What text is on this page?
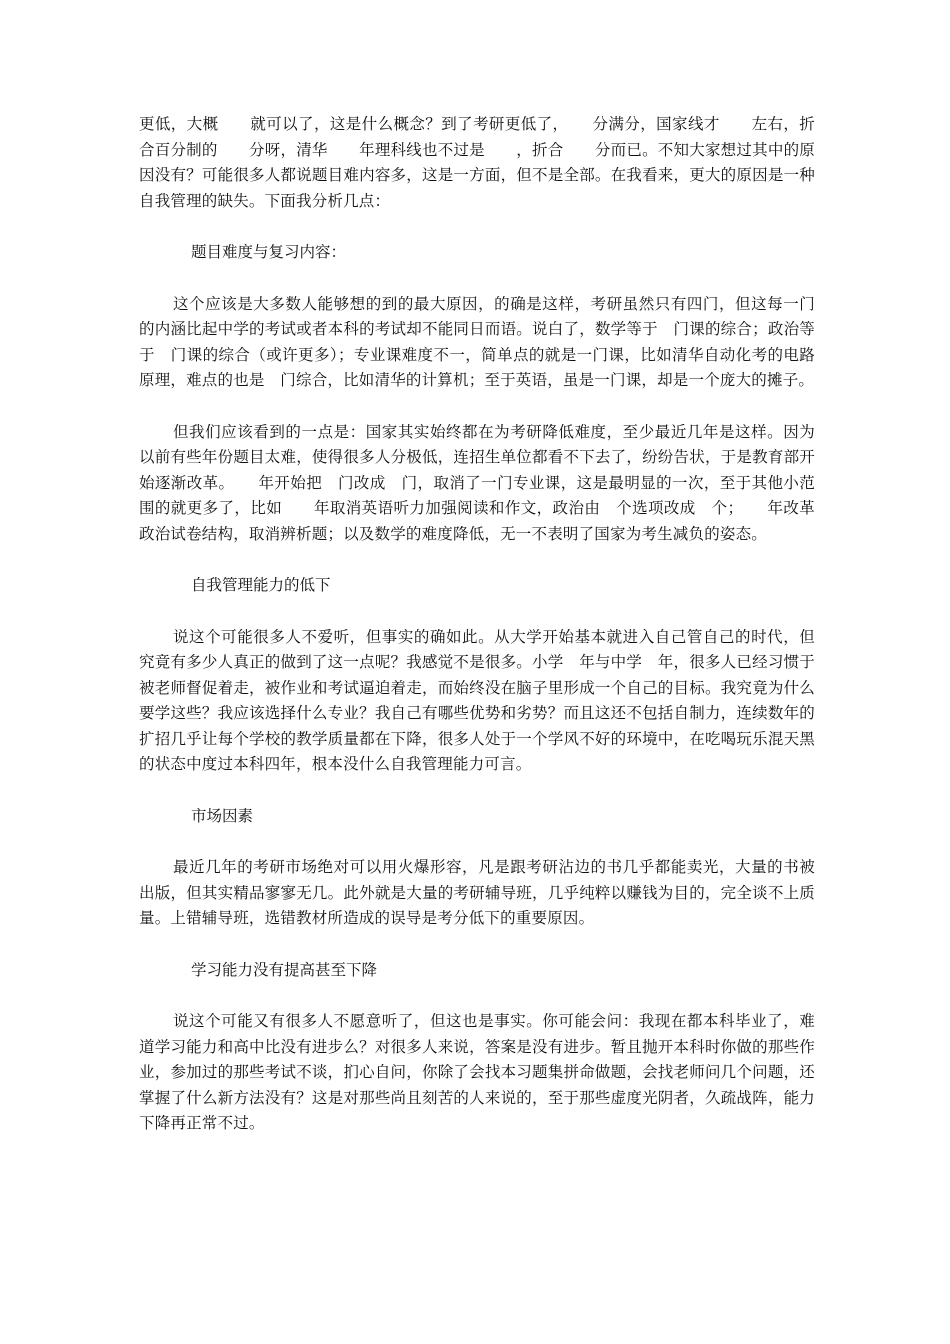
更低，大概　　就可以了，这是什么概念？到了考研更低了，　　分满分，国家线才　　左右，折合百分制的　　分呀，清华　　年理科线也不过是　　，折合　　分而已。不知大家想过其中的原因没有？可能很多人都说题目难内容多，这是一方面，但不是全部。在我看来，更大的原因是一种自我管理的缺失。下面我分析几点：

题目难度与复习内容：

这个应该是大多数人能够想的到的最大原因，的确是这样，考研虽然只有四门，但这每一门的内涵比起中学的考试或者本科的考试却不能同日而语。说白了，数学等于　门课的综合；政治等于　门课的综合（或许更多）；专业课难度不一，简单点的就是一门课，比如清华自动化考的电路原理，难点的也是　门综合，比如清华的计算机；至于英语，虽是一门课，却是一个庞大的摊子。

但我们应该看到的一点是：国家其实始终都在为考研降低难度，至少最近几年是这样。因为以前有些年份题目太难，使得很多人分极低，连招生单位都看不下去了，纷纷告状，于是教育部开始逐渐改革。　　年开始把　门改成　门，取消了一门专业课，这是最明显的一次，至于其他小范围的就更多了，比如　　年取消英语听力加强阅读和作文，政治由　个选项改成　个；　　年改革政治试卷结构，取消辨析题；以及数学的难度降低，无一不表明了国家为考生减负的姿态。

自我管理能力的低下

说这个可能很多人不爱听，但事实的确如此。从大学开始基本就进入自己管自己的时代，但究竟有多少人真正的做到了这一点呢？我感觉不是很多。小学　年与中学　年，很多人已经习惯于被老师督促着走，被作业和考试逼迫着走，而始终没在脑子里形成一个自己的目标。我究竟为什么要学这些？我应该选择什么专业？我自己有哪些优势和劣势？而且这还不包括自制力，连续数年的扩招几乎让每个学校的教学质量都在下降，很多人处于一个学风不好的环境中，在吃喝玩乐混天黑的状态中度过本科四年，根本没什么自我管理能力可言。

市场因素

最近几年的考研市场绝对可以用火爆形容，凡是跟考研沾边的书几乎都能卖光，大量的书被出版，但其实精品寥寥无几。此外就是大量的考研辅导班，几乎纯粹以赚钱为目的，完全谈不上质量。上错辅导班，选错教材所造成的误导是考分低下的重要原因。

学习能力没有提高甚至下降

说这个可能又有很多人不愿意听了，但这也是事实。你可能会问：我现在都本科毕业了，难道学习能力和高中比没有进步么？对很多人来说，答案是没有进步。暂且抛开本科时你做的那些作业，参加过的那些考试不谈，扪心自问，你除了会找本习题集拼命做题，会找老师问几个问题，还掌握了什么新方法没有？这是对那些尚且刻苦的人来说的，至于那些虚度光阴者，久疏战阵，能力下降再正常不过。
